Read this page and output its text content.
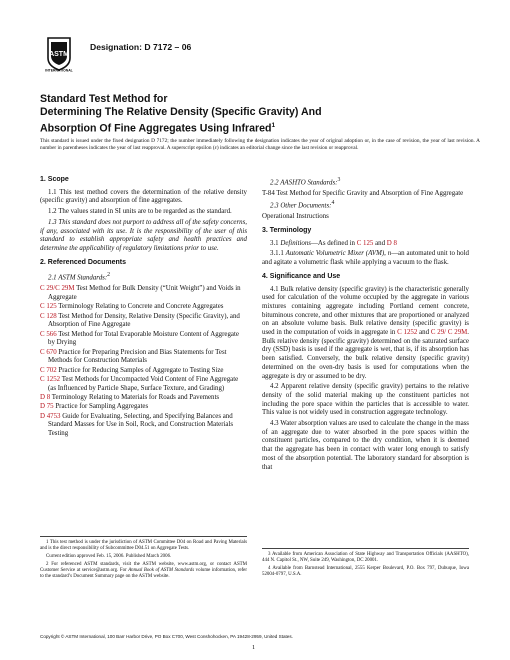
ASTM
INTERNATIONAL
Designation: D 7172 – 06
Standard Test Method for
Determining The Relative Density (Specific Gravity) And
Absorption Of Fine Aggregates Using Infrared$^1$
This standard is issued under the fixed designation D 7172; the number immediately following the designation indicates the year of original adoption or, in the case of revision, the year of last revision. A number in parentheses indicates the year of last reapproval. A superscript epsilon (ε) indicates an editorial change since the last revision or reapproval.
1. Scope

1.1 This test method covers the determination of the relative density (specific gravity) and absorption of fine aggregates.

1.2 The values stated in SI units are to be regarded as the standard.

1.3 This standard does not purport to address all of the safety concerns, if any, associated with its use. It is the responsibility of the user of this standard to establish appropriate safety and health practices and determine the applicability of regulatory limitations prior to use.

2. Referenced Documents

2.1 ASTM Standards:$^2$

C 29/C 29M Test Method for Bulk Density (“Unit Weight”) and Voids in Aggregate

C 125 Terminology Relating to Concrete and Concrete Aggregates

C 128 Test Method for Density, Relative Density (Specific Gravity), and Absorption of Fine Aggregate

C 566 Test Method for Total Evaporable Moisture Content of Aggregate by Drying

C 670 Practice for Preparing Precision and Bias Statements for Test Methods for Construction Materials

C 702 Practice for Reducing Samples of Aggregate to Testing Size

C 1252 Test Methods for Uncompacted Void Content of Fine Aggregate (as Influenced by Particle Shape, Surface Texture, and Grading)

D 8 Terminology Relating to Materials for Roads and Pavements

D 75 Practice for Sampling Aggregates

D 4753 Guide for Evaluating, Selecting, and Specifying Balances and Standard Masses for Use in Soil, Rock, and Construction Materials Testing

2.2 AASHTO Standards:$^3$

T-84 Test Method for Specific Gravity and Absorption of Fine Aggregate

2.3 Other Documents:$^4$

Operational Instructions

3. Terminology

3.1 Definitions—As defined in C 125 and D 8

3.1.1 Automatic Volumetric Mixer (AVM), n—an automated unit to hold and agitate a volumetric flask while applying a vacuum to the flask.

4. Significance and Use

4.1 Bulk relative density (specific gravity) is the characteristic generally used for calculation of the volume occupied by the aggregate in various mixtures containing aggregate including Portland cement concrete, bituminous concrete, and other mixtures that are proportioned or analyzed on an absolute volume basis. Bulk relative density (specific gravity) is used in the computation of voids in aggregate in C 1252 and C 29/ C 29M. Bulk relative density (specific gravity) determined on the saturated surface dry (SSD) basis is used if the aggregate is wet, that is, if its absorption has been satisfied. Conversely, the bulk relative density (specific gravity) determined on the oven-dry basis is used for computations when the aggregate is dry or assumed to be dry.

4.2 Apparent relative density (specific gravity) pertains to the relative density of the solid material making up the constituent particles not including the pore space within the particles that is accessible to water. This value is not widely used in construction aggregate technology.

4.3 Water absorption values are used to calculate the change in the mass of an aggregate due to water absorbed in the pore spaces within the constituent particles, compared to the dry condition, when it is deemed that the aggregate has been in contact with water long enough to satisfy most of the absorption potential. The laboratory standard for absorption is that

1 This test method is under the jurisdiction of ASTM Committee D04 on Road and Paving Materials and is the direct responsibility of Subcommittee D04.51 on Aggregate Tests.

Current edition approved Feb. 15, 2006. Published March 2006.

2 For referenced ASTM standards, visit the ASTM website, www.astm.org, or contact ASTM Customer Service at service@astm.org. For Annual Book of ASTM Standards volume information, refer to the standard’s Document Summary page on the ASTM website.

3 Available from American Association of State Highway and Transportation Officials (AASHTO), 444 N. Capitol St., NW, Suite 249, Washington, DC 20001.

4 Available from Barnstead International, 2555 Kerper Boulevard, P.O. Box 797, Dubuque, Iowa 52004-0797, U.S.A.

Copyright © ASTM International, 100 Barr Harbor Drive, PO Box C700, West Conshohocken, PA 19428-2959, United States.
1
